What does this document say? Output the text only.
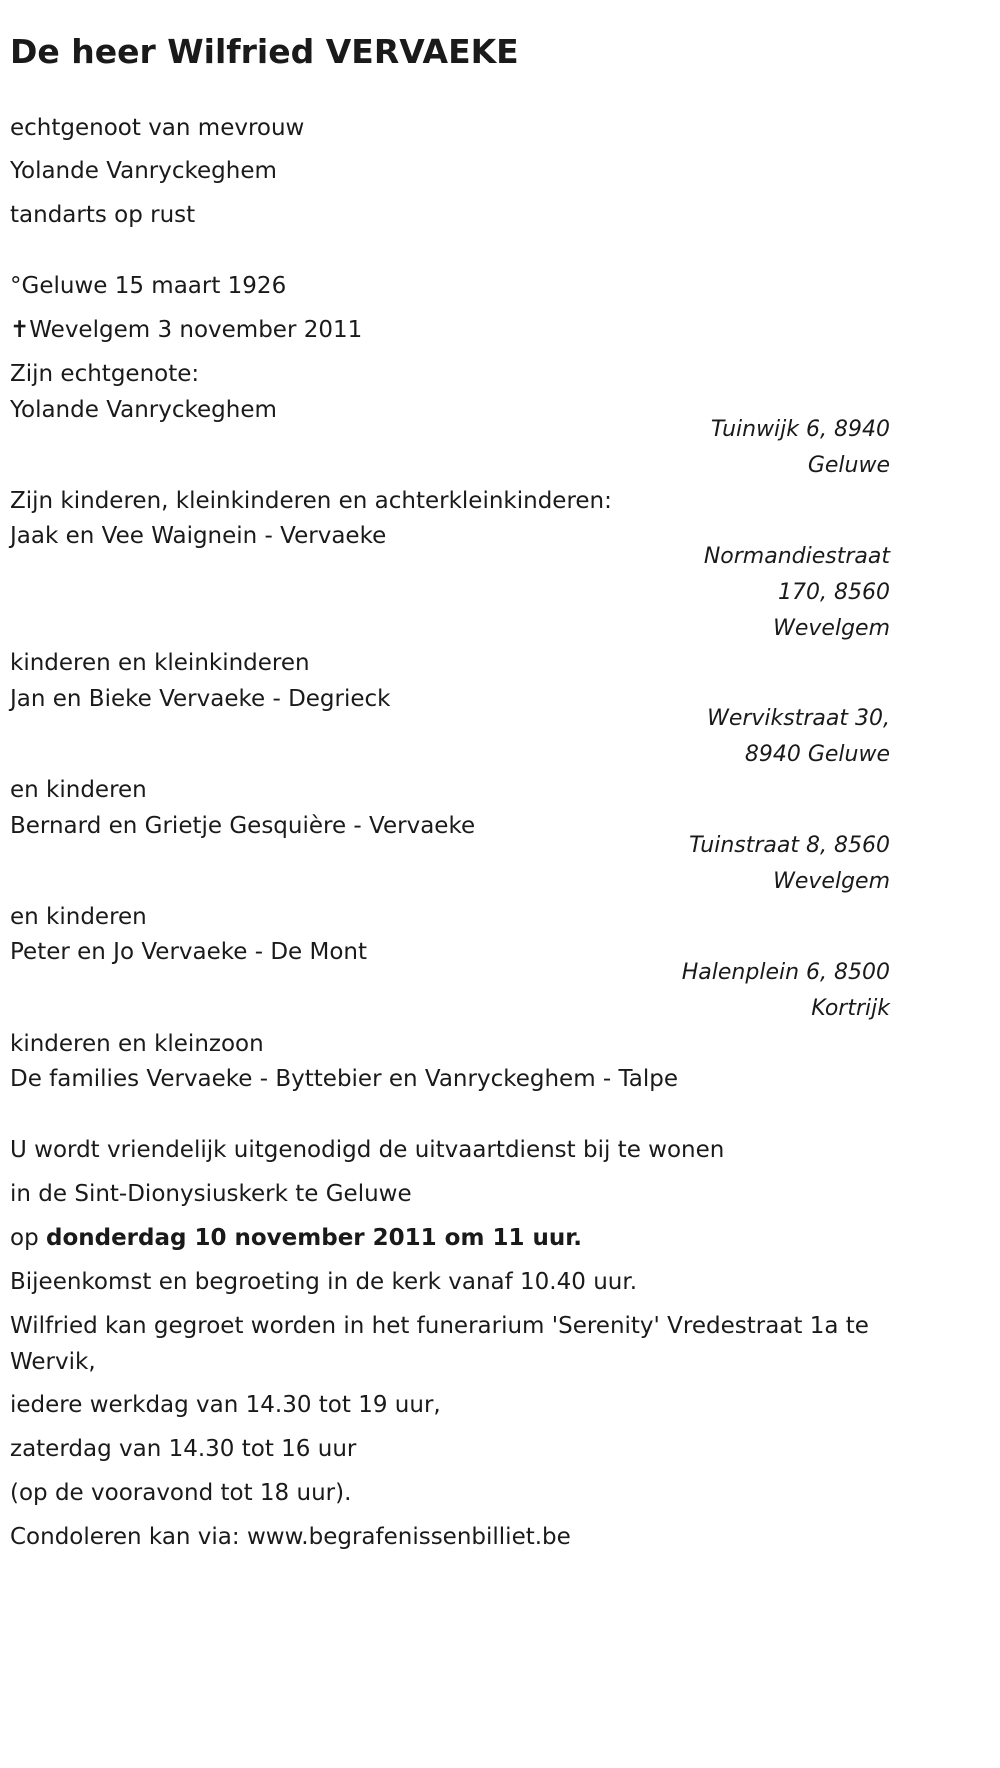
De heer Wilfried VERVAEKE
echtgenoot van mevrouw
Yolande Vanryckeghem
tandarts op rust
°Geluwe 15 maart 1926
✝Wevelgem 3 november 2011
Zijn echtgenote:
Yolande Vanryckeghem
Tuinwijk 6, 8940
Geluwe
Zijn kinderen, kleinkinderen en achterkleinkinderen:
Jaak en Vee Waignein - Vervaeke
Normandiestraat
170, 8560
Wevelgem
kinderen en kleinkinderen
Jan en Bieke Vervaeke - Degrieck
Wervikstraat 30,
8940 Geluwe
en kinderen
Bernard en Grietje Gesquière - Vervaeke
Tuinstraat 8, 8560
Wevelgem
en kinderen
Peter en Jo Vervaeke - De Mont
Halenplein 6, 8500
Kortrijk
kinderen en kleinzoon
De families Vervaeke - Byttebier en Vanryckeghem - Talpe
U wordt vriendelijk uitgenodigd de uitvaartdienst bij te wonen
in de Sint-Dionysiuskerk te Geluwe
op donderdag 10 november 2011 om 11 uur.
Bijeenkomst en begroeting in de kerk vanaf 10.40 uur.
Wilfried kan gegroet worden in het funerarium 'Serenity' Vredestraat 1a te Wervik,
iedere werkdag van 14.30 tot 19 uur,
zaterdag van 14.30 tot 16 uur
(op de vooravond tot 18 uur).
Condoleren kan via: www.begrafenissenbilliet.be
